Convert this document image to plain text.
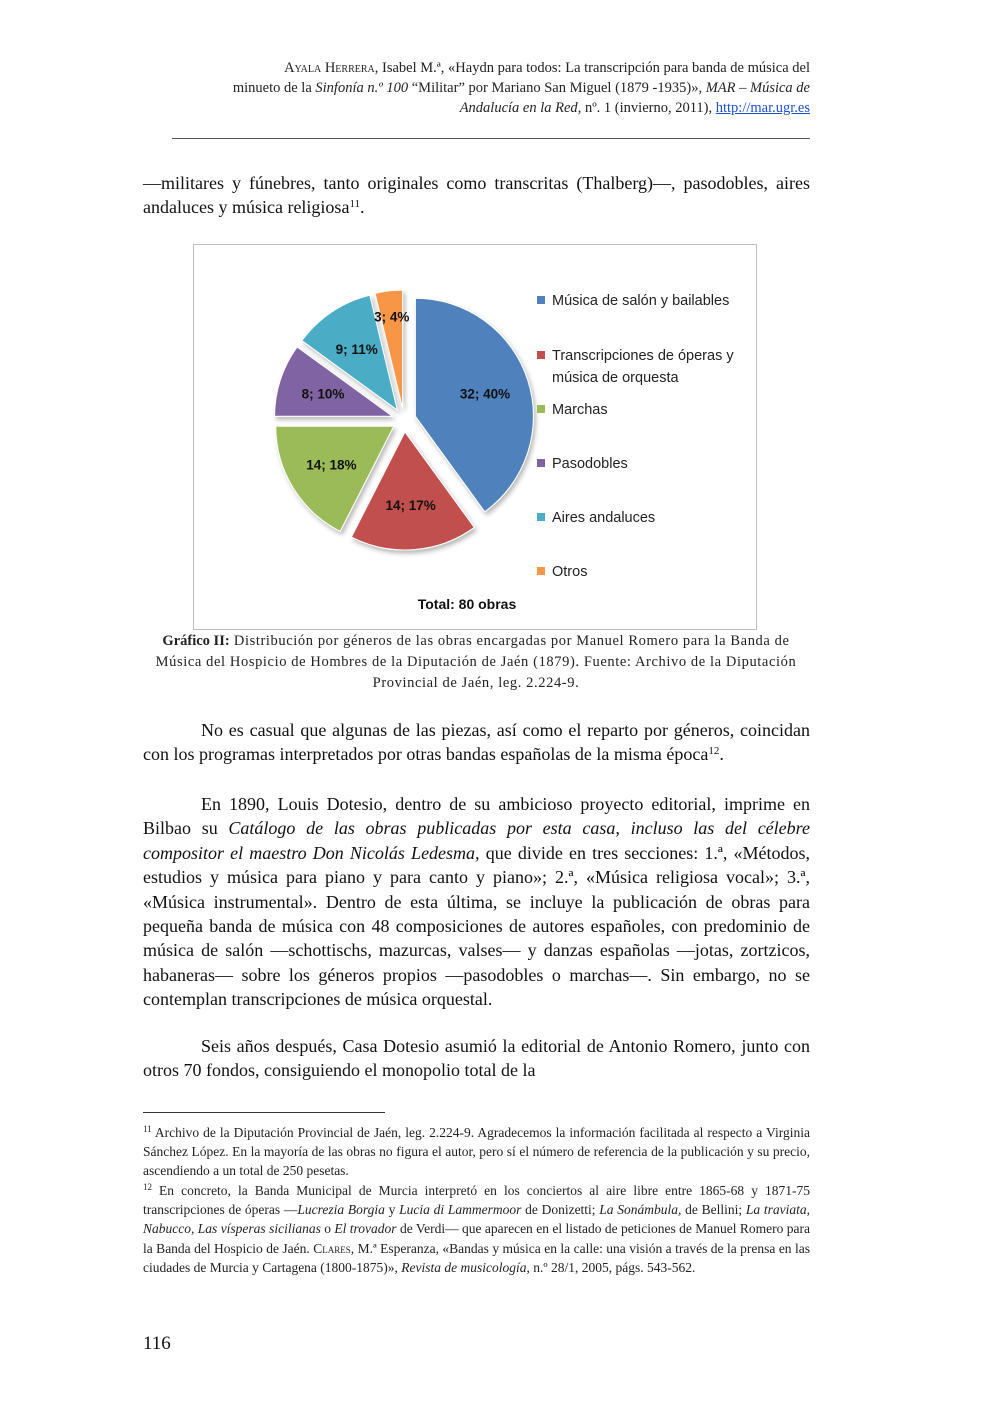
Ayala Herrera, Isabel M.ª, «Haydn para todos: La transcripción para banda de música del
minueto de la Sinfonía n.º 100 “Militar” por Mariano San Miguel (1879 -1935)», MAR – Música de
Andalucía en la Red, nº. 1 (invierno, 2011), http://mar.ugr.es
—militares y fúnebres, tanto originales como transcritas (Thalberg)—, pasodobles, aires andaluces y música religiosa$^{11}$.
32; 40%
14; 17%
14; 18%
8; 10%
9; 11%
3; 4%
Música de salón y bailables
Transcripciones de óperas y
música de orquesta
Marchas
Pasodobles
Aires andaluces
Otros
Total: 80 obras
Gráfico II: Distribución por géneros de las obras encargadas por Manuel Romero para la Banda de Música del Hospicio de Hombres de la Diputación de Jaén (1879). Fuente: Archivo de la Diputación Provincial de Jaén, leg. 2.224-9.
No es casual que algunas de las piezas, así como el reparto por géneros, coincidan con los programas interpretados por otras bandas españolas de la misma época$^{12}$.
En 1890, Louis Dotesio, dentro de su ambicioso proyecto editorial, imprime en Bilbao su Catálogo de las obras publicadas por esta casa, incluso las del célebre compositor el maestro Don Nicolás Ledesma, que divide en tres secciones: 1.ª, «Métodos, estudios y música para piano y para canto y piano»; 2.ª, «Música religiosa vocal»; 3.ª, «Música instrumental». Dentro de esta última, se incluye la publicación de obras para pequeña banda de música con 48 composiciones de autores españoles, con predominio de música de salón —schottischs, mazurcas, valses— y danzas españolas —jotas, zortzicos, habaneras— sobre los géneros propios —pasodobles o marchas—. Sin embargo, no se contemplan transcripciones de música orquestal.
Seis años después, Casa Dotesio asumió la editorial de Antonio Romero, junto con otros 70 fondos, consiguiendo el monopolio total de la
$^{11}$ Archivo de la Diputación Provincial de Jaén, leg. 2.224-9. Agradecemos la información facilitada al respecto a Virginia Sánchez López. En la mayoría de las obras no figura el autor, pero sí el número de referencia de la publicación y su precio, ascendiendo a un total de 250 pesetas.
$^{12}$ En concreto, la Banda Municipal de Murcia interpretó en los conciertos al aire libre entre 1865-68 y 1871-75 transcripciones de óperas —Lucrezia Borgia y Lucia di Lammermoor de Donizetti; La Sonámbula, de Bellini; La traviata, Nabucco, Las vísperas sicilianas o El trovador de Verdi— que aparecen en el listado de peticiones de Manuel Romero para la Banda del Hospicio de Jaén. Clares, M.ª Esperanza, «Bandas y música en la calle: una visión a través de la prensa en las ciudades de Murcia y Cartagena (1800-1875)», Revista de musicología, n.º 28/1, 2005, págs. 543-562.
116
